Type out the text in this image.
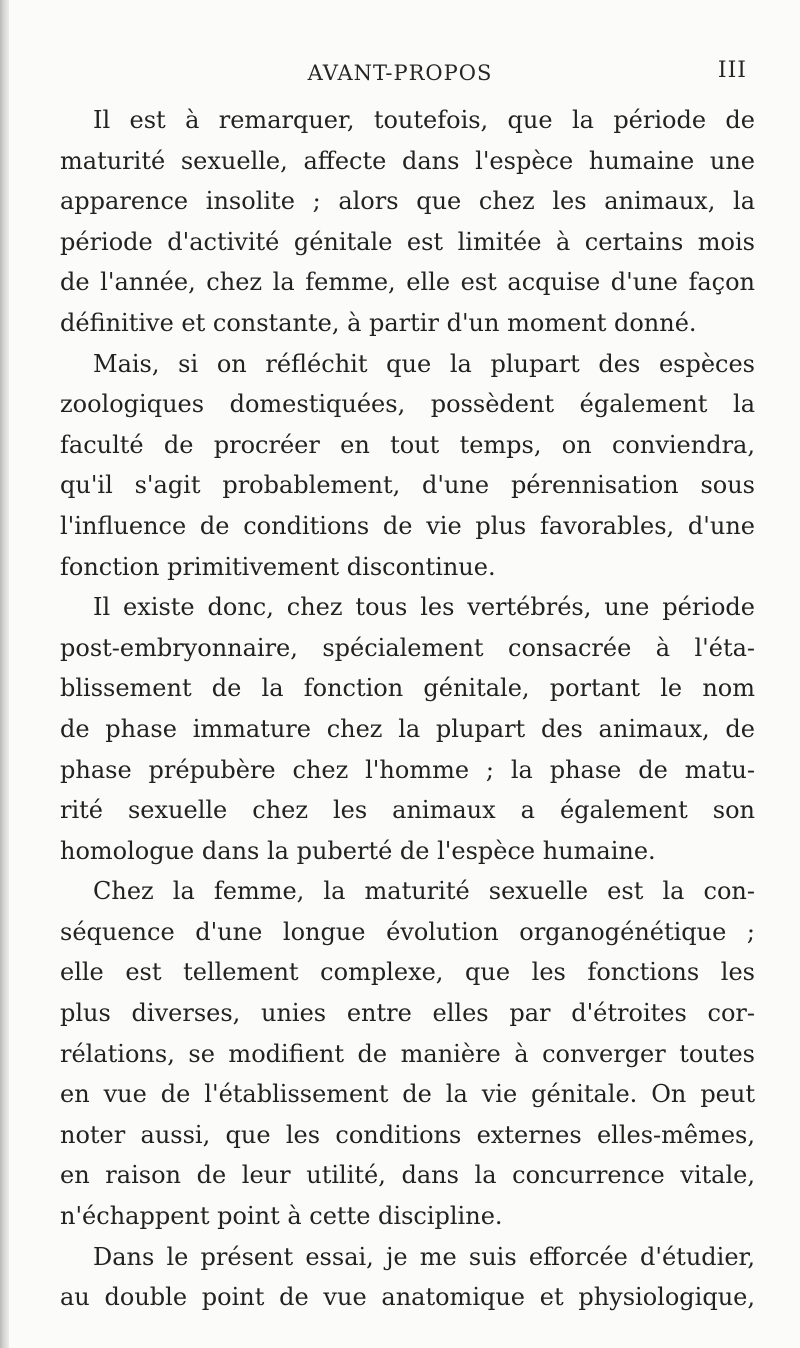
AVANT-PROPOS	III
Il est à remarquer, toutefois, que la période de
maturité sexuelle, affecte dans l'espèce humaine une
apparence insolite ; alors que chez les animaux, la
période d'activité génitale est limitée à certains mois
de l'année, chez la femme, elle est acquise d'une façon
définitive et constante, à partir d'un moment donné.
Mais, si on réfléchit que la plupart des espèces
zoologiques domestiquées, possèdent également la
faculté de procréer en tout temps, on conviendra,
qu'il s'agit probablement, d'une pérennisation sous
l'influence de conditions de vie plus favorables, d'une
fonction primitivement discontinue.
Il existe donc, chez tous les vertébrés, une période
post-embryonnaire, spécialement consacrée à l'éta-
blissement de la fonction génitale, portant le nom
de phase immature chez la plupart des animaux, de
phase prépubère chez l'homme ; la phase de matu-
rité sexuelle chez les animaux a également son
homologue dans la puberté de l'espèce humaine.
Chez la femme, la maturité sexuelle est la con-
séquence d'une longue évolution organogénétique ;
elle est tellement complexe, que les fonctions les
plus diverses, unies entre elles par d'étroites cor-
rélations, se modifient de manière à converger toutes
en vue de l'établissement de la vie génitale. On peut
noter aussi, que les conditions externes elles-mêmes,
en raison de leur utilité, dans la concurrence vitale,
n'échappent point à cette discipline.
Dans le présent essai, je me suis efforcée d'étudier,
au double point de vue anatomique et physiologique,
